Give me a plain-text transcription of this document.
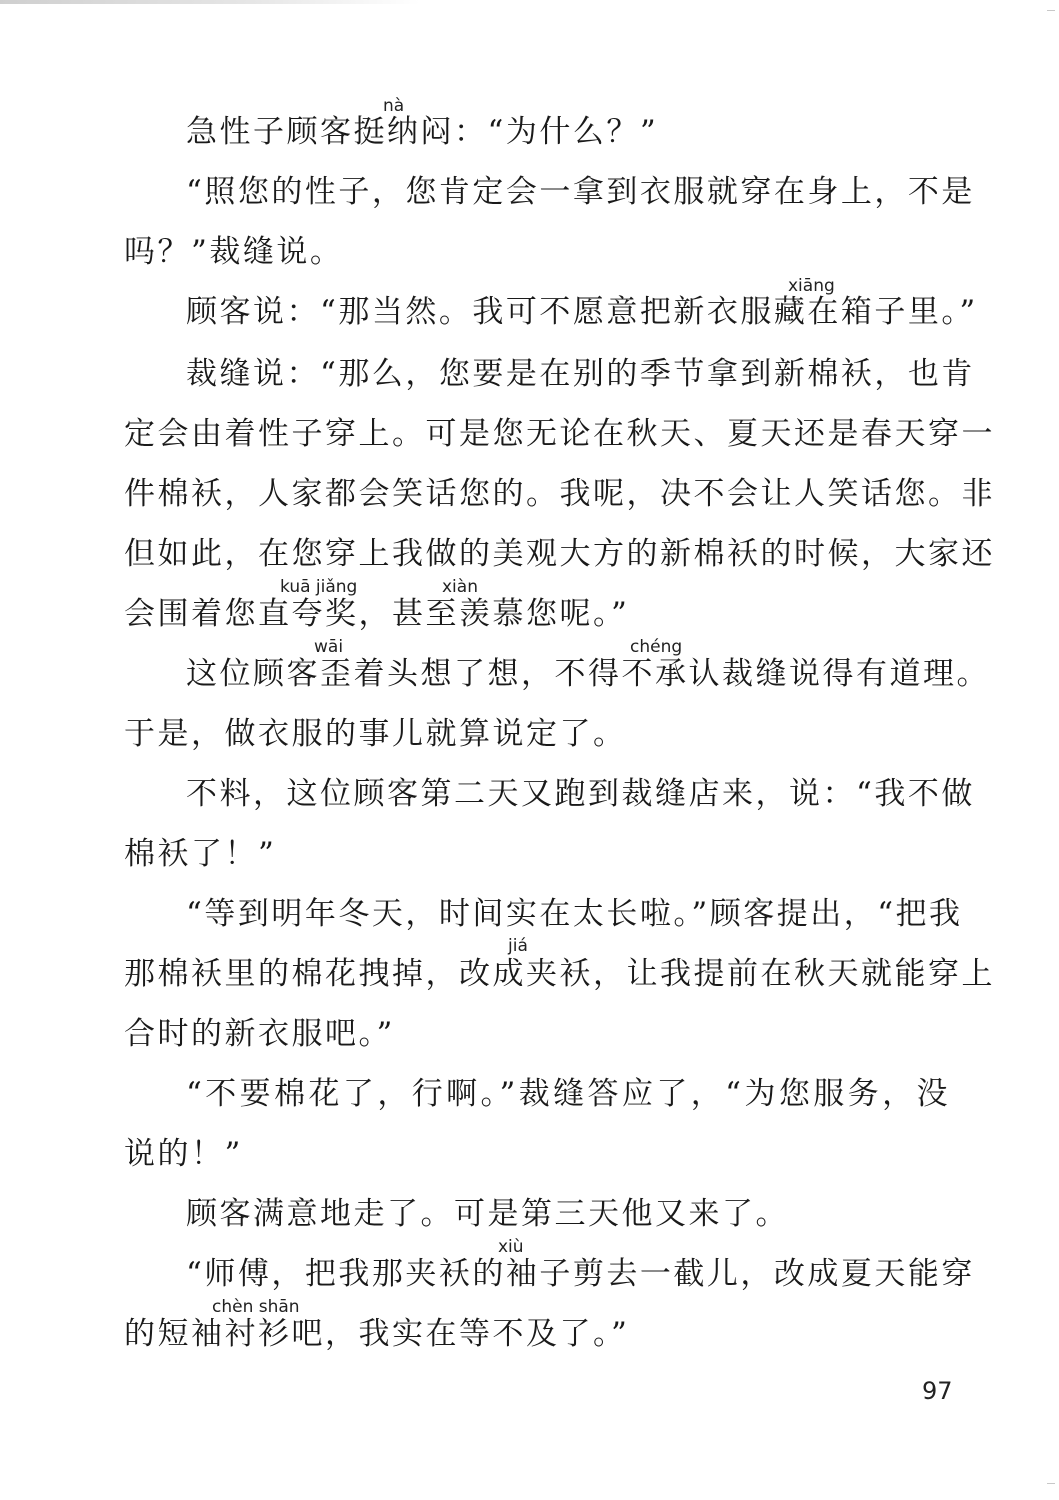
nà
急性子顾客挺纳闷：“为什么？”
“照您的性子，您肯定会一拿到衣服就穿在身上，不是
吗？”裁缝说。
xiāng
顾客说：“那当然。我可不愿意把新衣服藏在箱子里。”
裁缝说：“那么，您要是在别的季节拿到新棉袄，也肯
定会由着性子穿上。可是您无论在秋天、夏天还是春天穿一
件棉袄，人家都会笑话您的。我呢，决不会让人笑话您。非
但如此，在您穿上我做的美观大方的新棉袄的时候，大家还
kuā jiǎng	xiàn
会围着您直夸奖，甚至羡慕您呢。”
wāi	chéng
这位顾客歪着头想了想，不得不承认裁缝说得有道理。
于是，做衣服的事儿就算说定了。
不料，这位顾客第二天又跑到裁缝店来，说：“我不做
棉袄了！”
“等到明年冬天，时间实在太长啦。”顾客提出，“把我
jiá
那棉袄里的棉花拽掉，改成夹袄，让我提前在秋天就能穿上
合时的新衣服吧。”
“不要棉花了，行啊。”裁缝答应了，“为您服务，没
说的！”
顾客满意地走了。可是第三天他又来了。
xiù
“师傅，把我那夹袄的袖子剪去一截儿，改成夏天能穿
chèn shān
的短袖衬衫吧，我实在等不及了。”
97
